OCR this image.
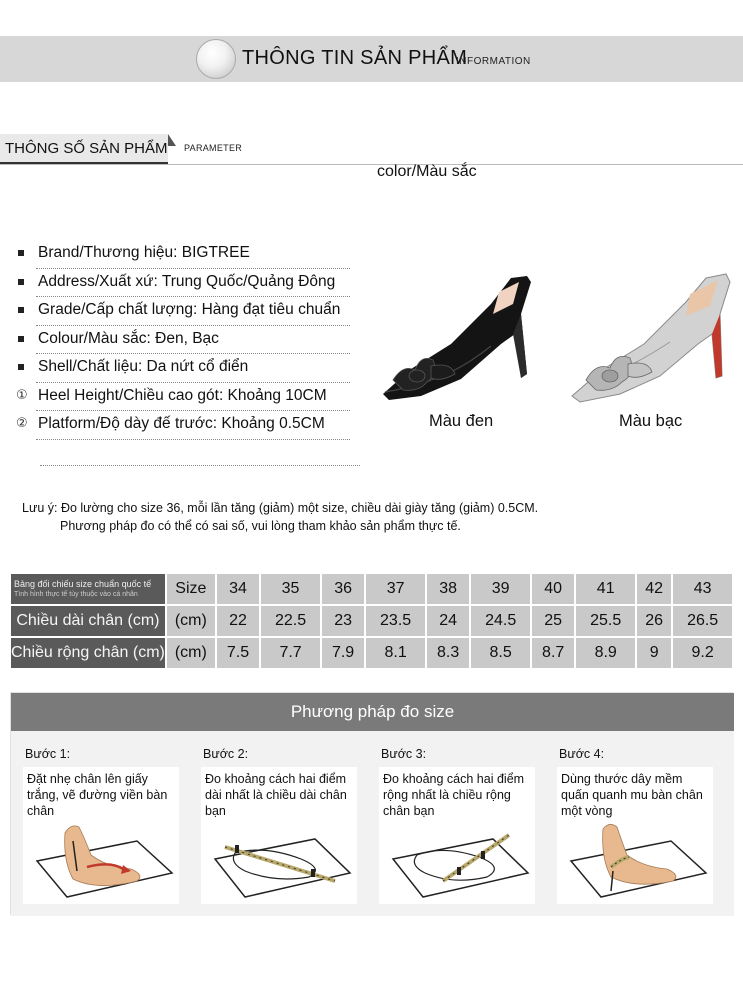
THÔNG TIN SẢN PHẨM
INFORMATION
THÔNG SỐ SẢN PHẨM PARAMETER
color/Màu sắc
Brand/Thương hiệu: BIGTREE
Address/Xuất xứ: Trung Quốc/Quảng Đông
Grade/Cấp chất lượng: Hàng đạt tiêu chuẩn
Colour/Màu sắc: Đen, Bạc
Shell/Chất liệu: Da nứt cổ điển
① Heel Height/Chiều cao gót: Khoảng 10CM
② Platform/Độ dày đế trước: Khoảng 0.5CM	Màu đen	Màu bạc
Lưu ý: Đo lường cho size 36, mỗi lần tăng (giảm) một size, chiều dài giày tăng (giảm) 0.5CM.
Phương pháp đo có thể có sai số, vui lòng tham khảo sản phẩm thực tế.
Bảng đối chiếu size chuẩn quốc tế
Tình hình thực tế tùy thuộc vào cá nhân	Size	34	35	36	37	38	39	40	41	42	43
Chiều dài chân (cm)	(cm)	22	22.5	23	23.5	24	24.5	25	25.5	26	26.5
Chiều rộng chân (cm)	(cm)	7.5	7.7	7.9	8.1	8.3	8.5	8.7	8.9	9	9.2
Phương pháp đo size
Bước 1:
Đặt nhẹ chân lên giấy trắng, vẽ đường viền bàn chân
Bước 2:
Đo khoảng cách hai điểm dài nhất là chiều dài chân bạn
Bước 3:
Đo khoảng cách hai điểm rộng nhất là chiều rộng chân bạn
Bước 4:
Dùng thước dây mềm quấn quanh mu bàn chân một vòng
